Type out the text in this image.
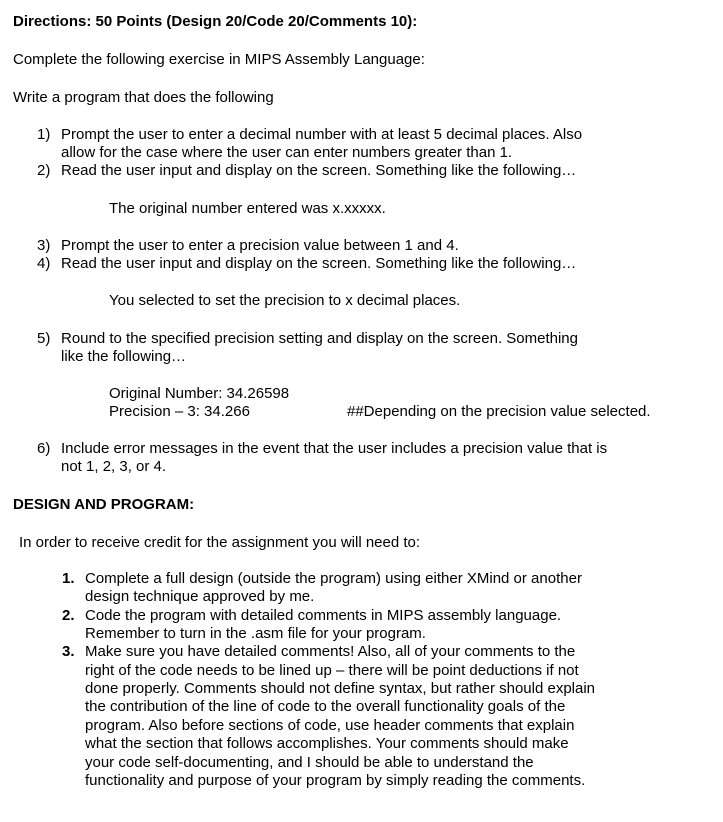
Directions: 50 Points (Design 20/Code 20/Comments 10):
Complete the following exercise in MIPS Assembly Language:
Write a program that does the following
1) Prompt the user to enter a decimal number with at least 5 decimal places. Also
allow for the case where the user can enter numbers greater than 1.
2) Read the user input and display on the screen. Something like the following…
The original number entered was x.xxxxx.
3) Prompt the user to enter a precision value between 1 and 4.
4) Read the user input and display on the screen. Something like the following…
You selected to set the precision to x decimal places.
5) Round to the specified precision setting and display on the screen. Something
like the following…
Original Number: 34.26598
Precision – 3: 34.266	##Depending on the precision value selected.
6) Include error messages in the event that the user includes a precision value that is
not 1, 2, 3, or 4.
DESIGN AND PROGRAM:
In order to receive credit for the assignment you will need to:
1. Complete a full design (outside the program) using either XMind or another
design technique approved by me.
2. Code the program with detailed comments in MIPS assembly language.
Remember to turn in the .asm file for your program.
3. Make sure you have detailed comments! Also, all of your comments to the
right of the code needs to be lined up – there will be point deductions if not
done properly. Comments should not define syntax, but rather should explain
the contribution of the line of code to the overall functionality goals of the
program. Also before sections of code, use header comments that explain
what the section that follows accomplishes. Your comments should make
your code self-documenting, and I should be able to understand the
functionality and purpose of your program by simply reading the comments.
